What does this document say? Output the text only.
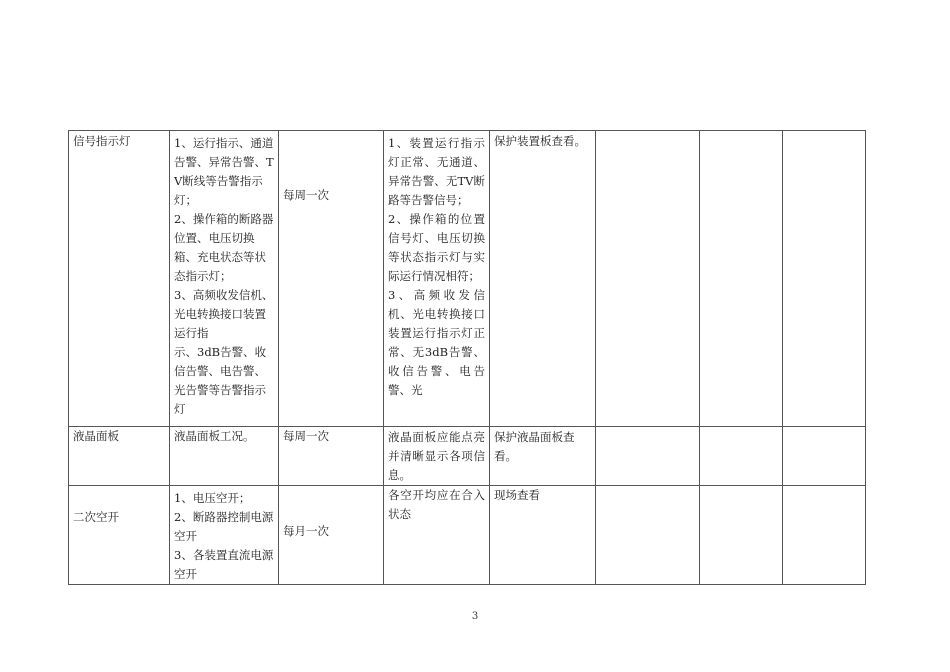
信号指示灯	1、运行指示、通道告警、异常告警、TV断线等告警指示灯；
2、操作箱的断路器位置、电压切换箱、充电状态等状态指示灯；
3、高频收发信机、光电转换接口装置运行指
示、3dB告警、收信告警、电告警、光告警等告警指示灯	每周一次	1、装置运行指示灯正常、无通道、异常告警、无TV断路等告警信号；
2、操作箱的位置信号灯、电压切换等状态指示灯与实际运行情况相符；
3、高频收发信机、光电转换接口装置运行指示灯正常、无3dB告警、收信告警、电告警、光	保护装置板查看。			
液晶面板	液晶面板工况。	每周一次	液晶面板应能点亮并清晰显示各项信息。	保护液晶面板查看。			
二次空开	1、电压空开；
2、断路器控制电源空开
3、各装置直流电源空开	每月一次	各空开均应在合入状态	现场查看			
3
